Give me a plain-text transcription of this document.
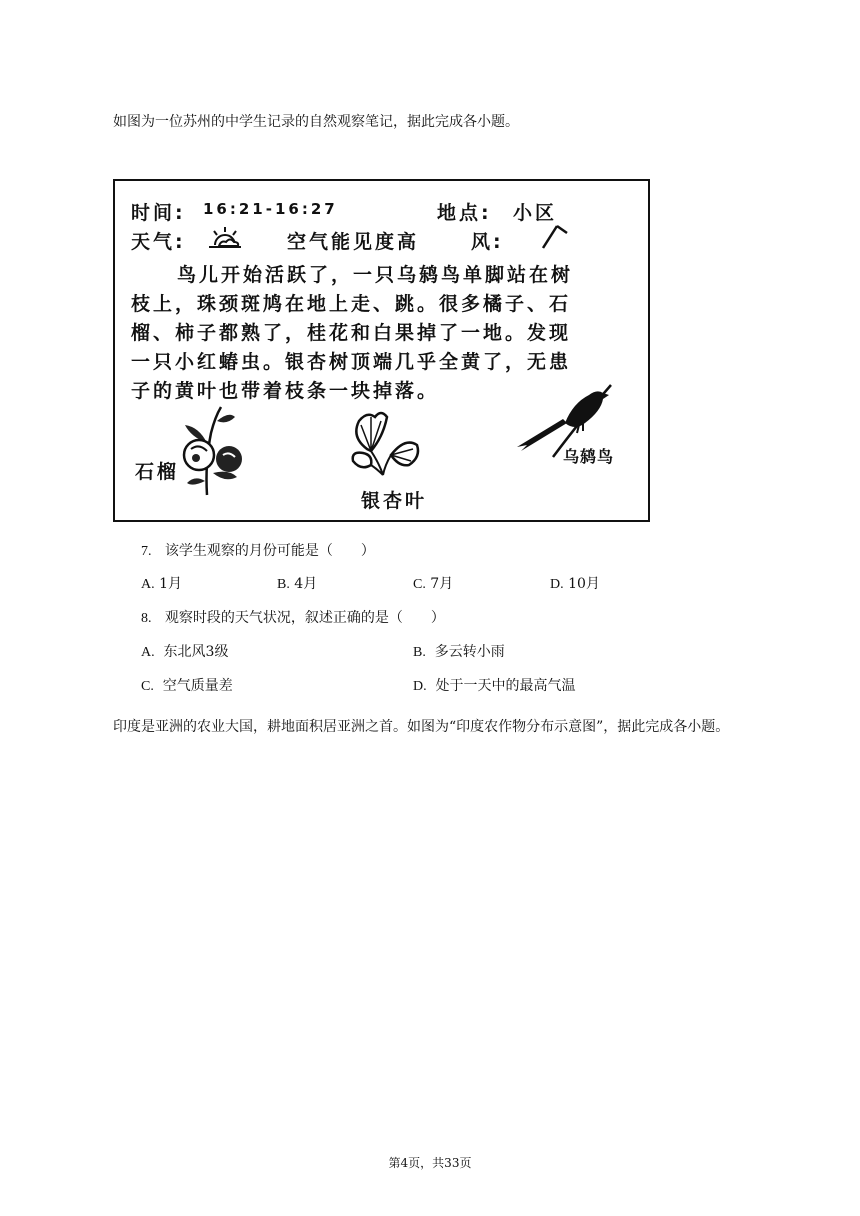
如图为一位苏州的中学生记录的自然观察笔记，据此完成各小题。
时间: 16:21-16:27	地点: 小区
天气:	空气能见度高	风:
鸟儿开始活跃了，一只乌鸫鸟单脚站在树
枝上，珠颈斑鸠在地上走、跳。很多橘子、石
榴、柿子都熟了，桂花和白果掉了一地。发现
一只小红蝽虫。银杏树顶端几乎全黄了，无患
子的黄叶也带着枝条一块掉落。
石榴
银杏叶
乌鸫鸟
7. 该学生观察的月份可能是（　　）
A. 1月	B. 4月	C. 7月	D. 10月
8. 观察时段的天气状况，叙述正确的是（　　）
A. 东北风3级	B. 多云转小雨
C. 空气质量差	D. 处于一天中的最高气温
印度是亚洲的农业大国，耕地面积居亚洲之首。如图为“印度农作物分布示意图”，据此完成各小题。
第4页，共33页
